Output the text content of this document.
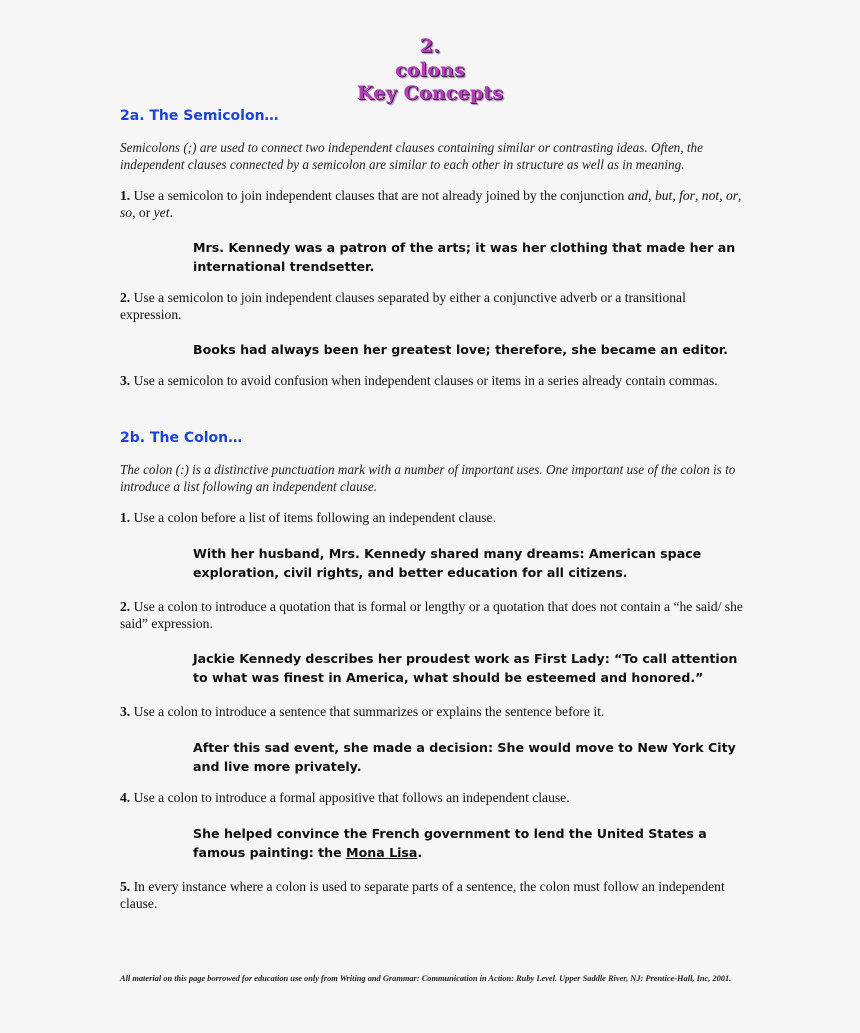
2.
colons
Key Concepts
2a. The Semicolon…
Semicolons (;) are used to connect two independent clauses containing similar or contrasting ideas. Often, the independent clauses connected by a semicolon are similar to each other in structure as well as in meaning.
1. Use a semicolon to join independent clauses that are not already joined by the conjunction and, but, for, not, or, so, or yet.
Mrs. Kennedy was a patron of the arts; it was her clothing that made her an international trendsetter.
2. Use a semicolon to join independent clauses separated by either a conjunctive adverb or a transitional expression.
Books had always been her greatest love; therefore, she became an editor.
3. Use a semicolon to avoid confusion when independent clauses or items in a series already contain commas.
2b. The Colon…
The colon (:) is a distinctive punctuation mark with a number of important uses. One important use of the colon is to introduce a list following an independent clause.
1. Use a colon before a list of items following an independent clause.
With her husband, Mrs. Kennedy shared many dreams: American space exploration, civil rights, and better education for all citizens.
2. Use a colon to introduce a quotation that is formal or lengthy or a quotation that does not contain a “he said/ she said” expression.
Jackie Kennedy describes her proudest work as First Lady: “To call attention to what was finest in America, what should be esteemed and honored.”
3. Use a colon to introduce a sentence that summarizes or explains the sentence before it.
After this sad event, she made a decision: She would move to New York City and live more privately.
4. Use a colon to introduce a formal appositive that follows an independent clause.
She helped convince the French government to lend the United States a famous painting: the Mona Lisa.
5. In every instance where a colon is used to separate parts of a sentence, the colon must follow an independent clause.
All material on this page borrowed for education use only from Writing and Grammar: Communication in Action: Ruby Level. Upper Saddle River, NJ: Prentice-Hall, Inc, 2001.
